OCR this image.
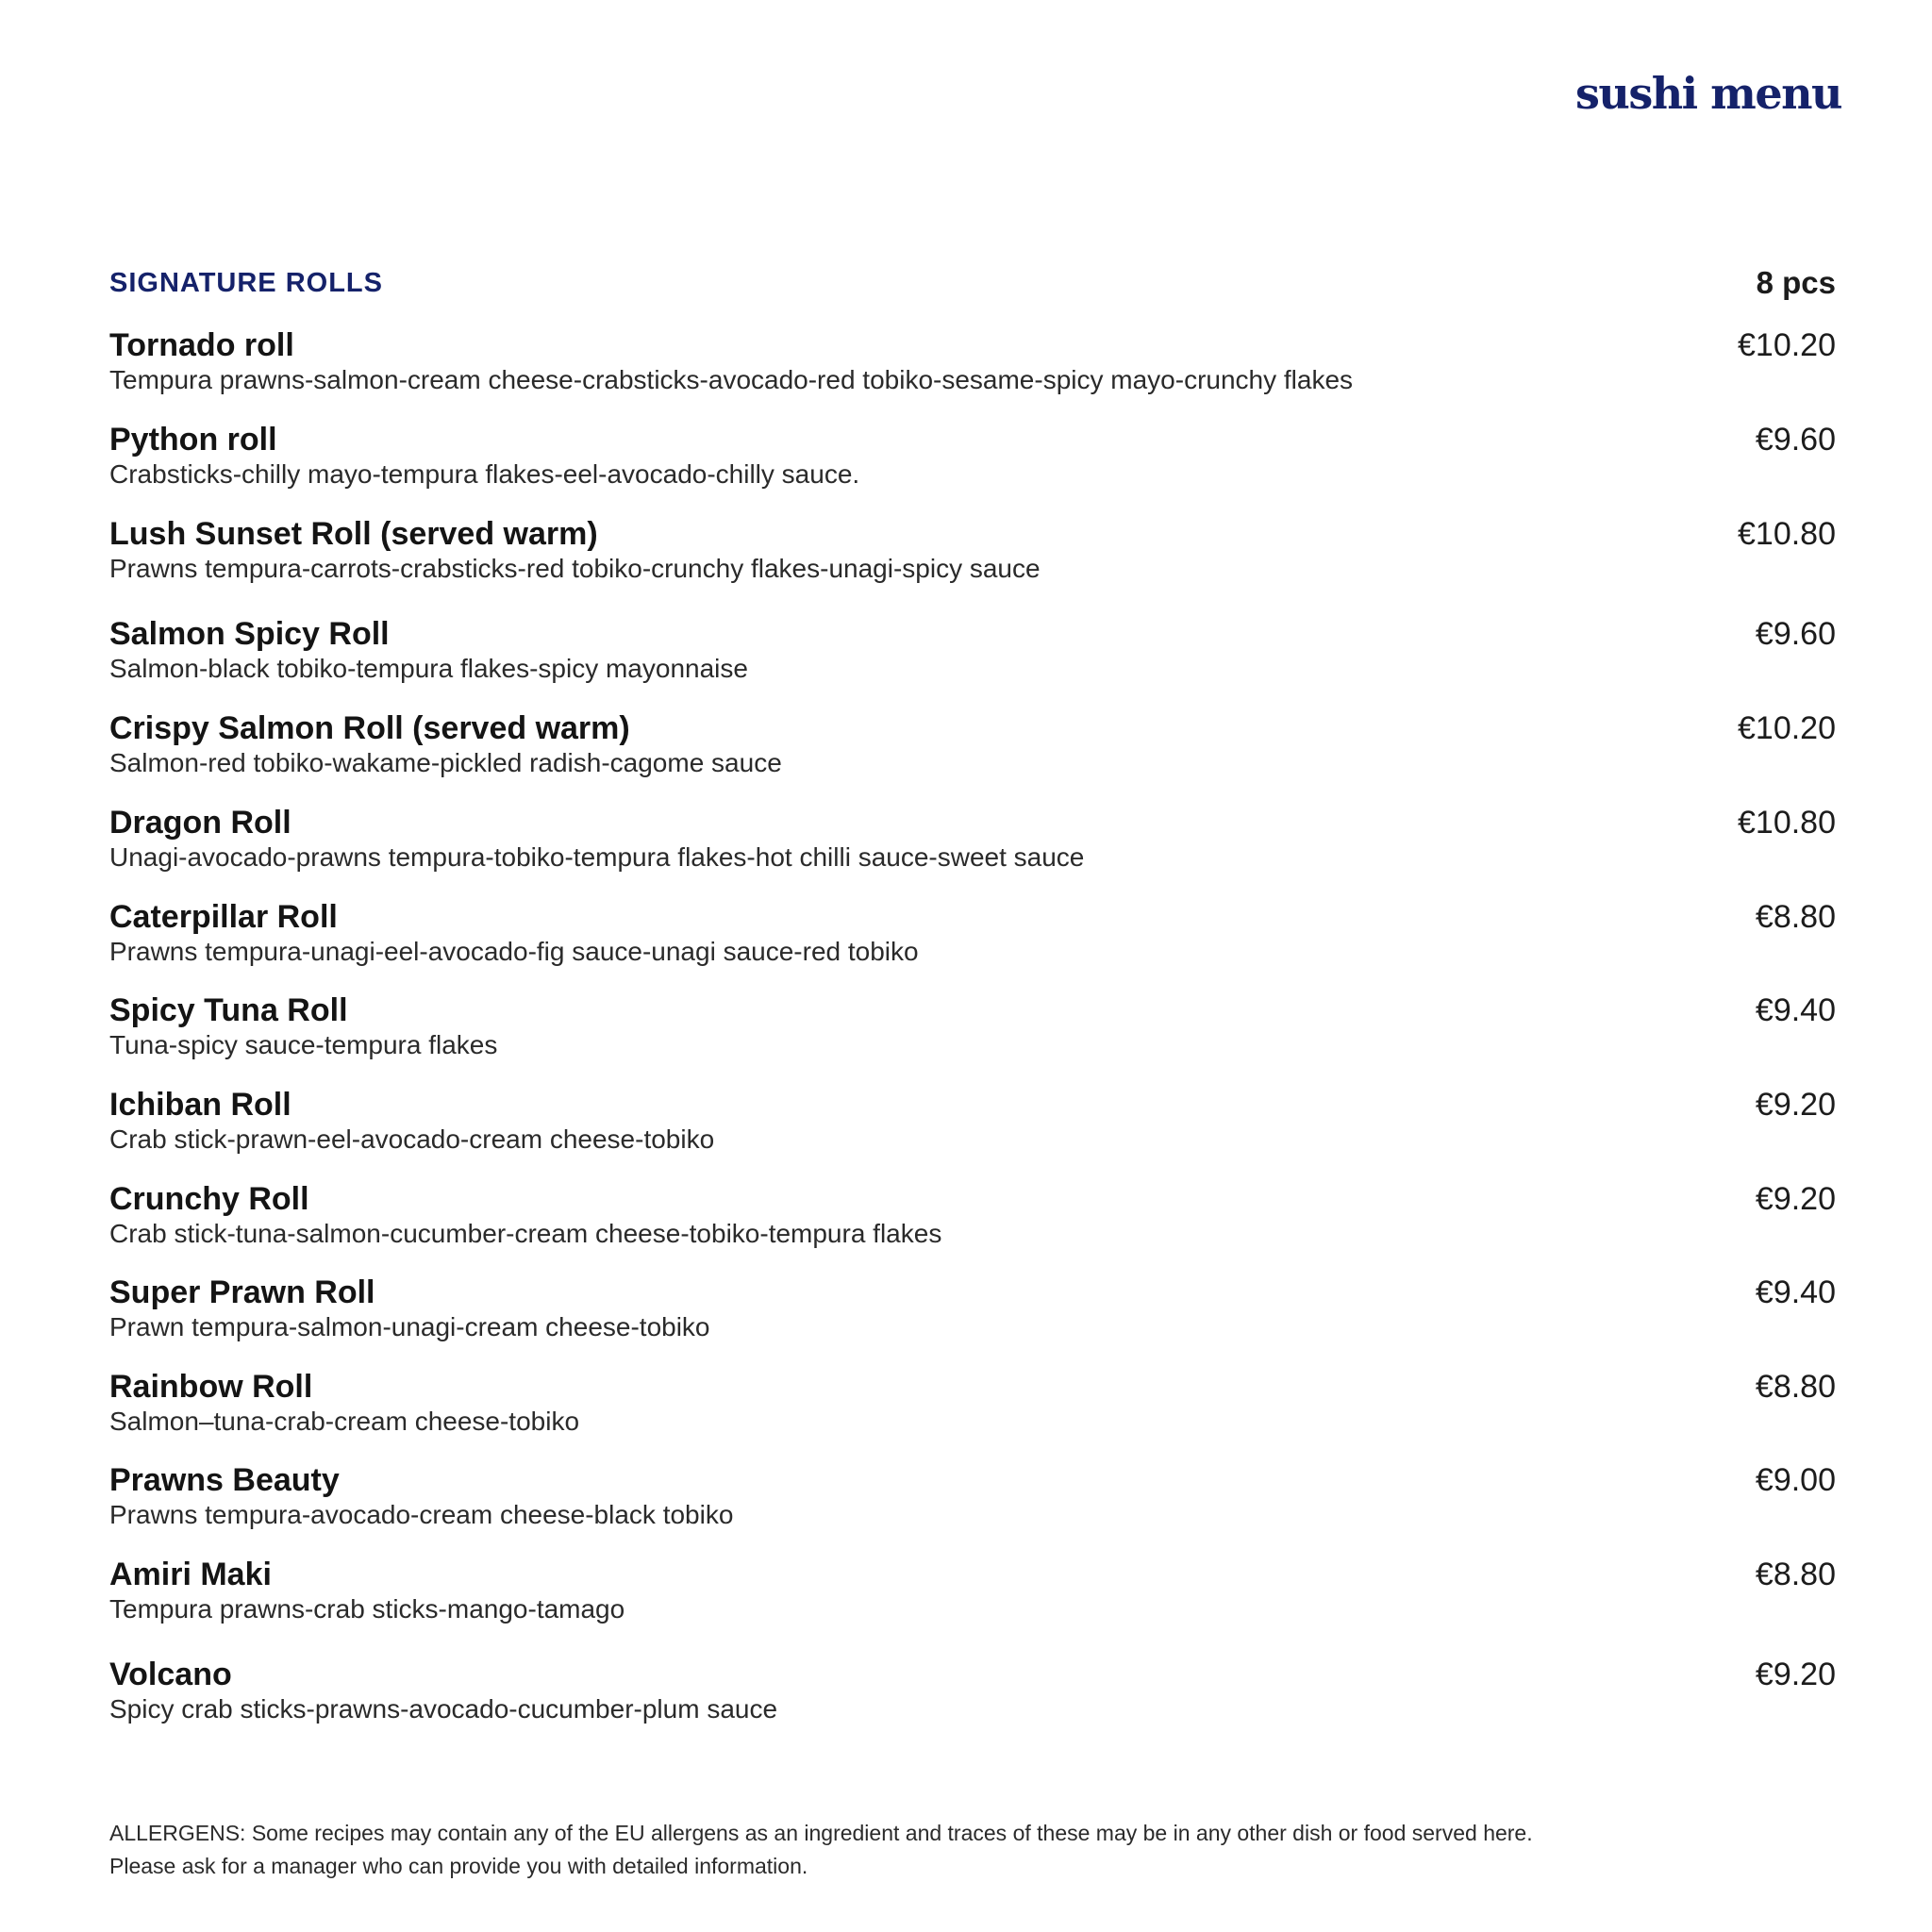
sushi menu
SIGNATURE ROLLS	8 pcs
Tornado roll	€10.20
Tempura prawns-salmon-cream cheese-crabsticks-avocado-red tobiko-sesame-spicy mayo-crunchy flakes
Python roll	€9.60
Crabsticks-chilly mayo-tempura flakes-eel-avocado-chilly sauce.
Lush Sunset Roll (served warm)	€10.80
Prawns tempura-carrots-crabsticks-red tobiko-crunchy flakes-unagi-spicy sauce
Salmon Spicy Roll	€9.60
Salmon-black tobiko-tempura flakes-spicy mayonnaise
Crispy Salmon Roll (served warm)	€10.20
Salmon-red tobiko-wakame-pickled radish-cagome sauce
Dragon Roll	€10.80
Unagi-avocado-prawns tempura-tobiko-tempura flakes-hot chilli sauce-sweet sauce
Caterpillar Roll	€8.80
Prawns tempura-unagi-eel-avocado-fig sauce-unagi sauce-red tobiko
Spicy Tuna Roll	€9.40
Tuna-spicy sauce-tempura flakes
Ichiban Roll	€9.20
Crab stick-prawn-eel-avocado-cream cheese-tobiko
Crunchy Roll	€9.20
Crab stick-tuna-salmon-cucumber-cream cheese-tobiko-tempura flakes
Super Prawn Roll	€9.40
Prawn tempura-salmon-unagi-cream cheese-tobiko
Rainbow Roll	€8.80
Salmon–tuna-crab-cream cheese-tobiko
Prawns Beauty	€9.00
Prawns tempura-avocado-cream cheese-black tobiko
Amiri Maki	€8.80
Tempura prawns-crab sticks-mango-tamago
Volcano	€9.20
Spicy crab sticks-prawns-avocado-cucumber-plum sauce
ALLERGENS: Some recipes may contain any of the EU allergens as an ingredient and traces of these may be in any other dish or food served here.
Please ask for a manager who can provide you with detailed information.
